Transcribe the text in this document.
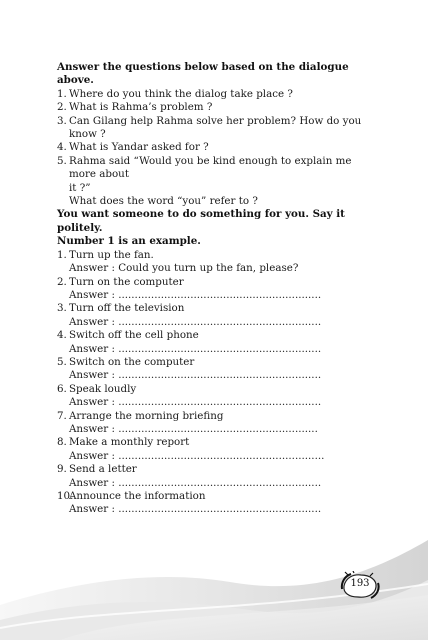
Answer the questions below based on the dialogue above.
1. Where do you think the dialog take place ?
2. What is Rahma’s problem ?
3. Can Gilang help Rahma solve her problem? How do you know ?
4. What is Yandar asked for ?
5. Rahma said “Would you be kind enough to explain me more about
it ?”
What does the word “you” refer to ?
You want someone to do something for you. Say it politely.
Number 1 is an example.
1. Turn up the fan.
Answer : Could you turn up the fan, please?
2. Turn on the computer
Answer : ..............................................................
3. Turn off the television
Answer : ..............................................................
4. Switch off the cell phone
Answer : ..............................................................
5. Switch on the computer
Answer : ..............................................................
6. Speak loudly
Answer : ..............................................................
7. Arrange the morning briefing
Answer : .............................................................
8. Make a monthly report
Answer : ...............................................................
9. Send a letter
Answer : ..............................................................
10.
Announce the information
Answer : ..............................................................
193
